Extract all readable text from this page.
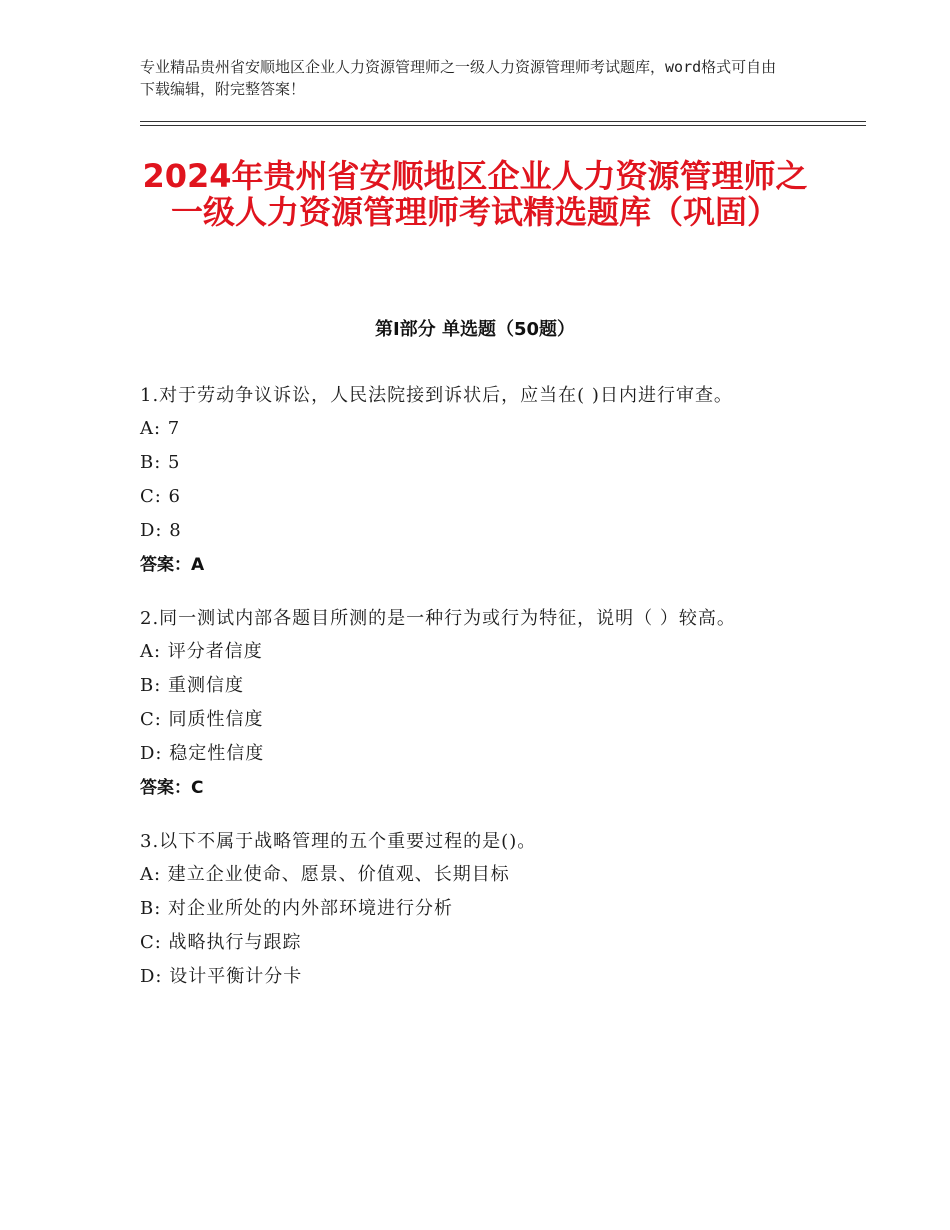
专业精品贵州省安顺地区企业人力资源管理师之一级人力资源管理师考试题库，word格式可自由下载编辑，附完整答案！
2024年贵州省安顺地区企业人力资源管理师之一级人力资源管理师考试精选题库（巩固）
第Ⅰ部分 单选题（50题）
1.对于劳动争议诉讼，人民法院接到诉状后，应当在( )日内进行审查。
A: 7
B: 5
C: 6
D: 8
答案：A
2.同一测试内部各题目所测的是一种行为或行为特征，说明（ ）较高。
A: 评分者信度
B: 重测信度
C: 同质性信度
D: 稳定性信度
答案：C
3.以下不属于战略管理的五个重要过程的是()。
A: 建立企业使命、愿景、价值观、长期目标
B: 对企业所处的内外部环境进行分析
C: 战略执行与跟踪
D: 设计平衡计分卡
